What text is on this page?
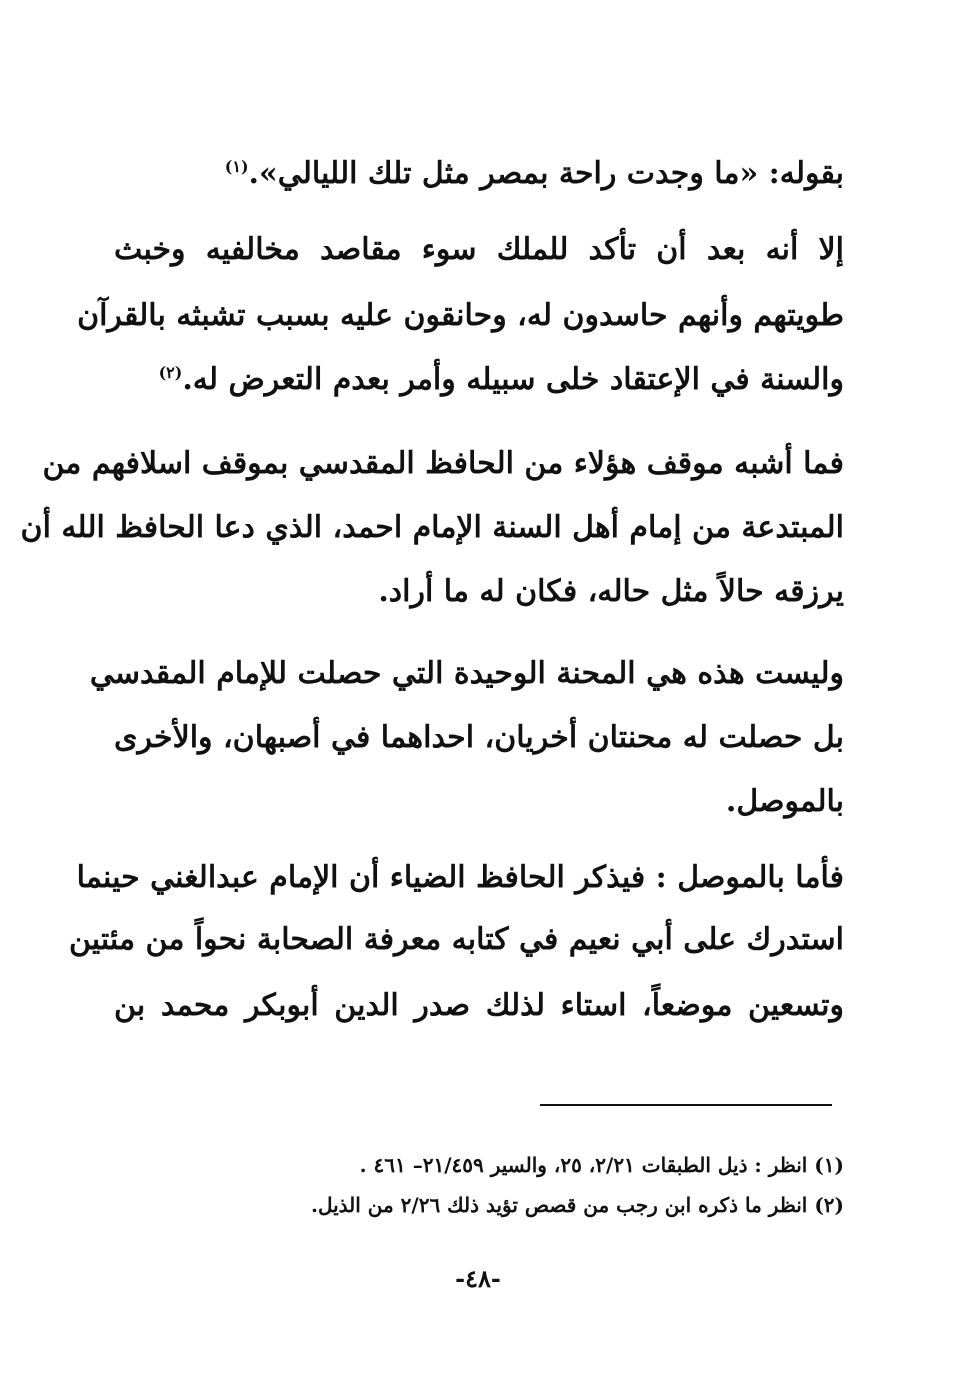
بقوله: «ما وجدت راحة بمصر مثل تلك الليالي».$^{(١)}$
إلا أنه بعد أن تأكد للملك سوء مقاصد مخالفيه وخبث
طويتهم وأنهم حاسدون له، وحانقون عليه بسبب تشبثه بالقرآن
والسنة في الإعتقاد خلى سبيله وأمر بعدم التعرض له.$^{(٢)}$
فما أشبه موقف هؤلاء من الحافظ المقدسي بموقف اسلافهم من
المبتدعة من إمام أهل السنة الإمام احمد، الذي دعا الحافظ الله أن
يرزقه حالاً مثل حاله، فكان له ما أراد.
وليست هذه هي المحنة الوحيدة التي حصلت للإمام المقدسي
بل حصلت له محنتان أخريان، احداهما في أصبهان، والأخرى
بالموصل.
فأما بالموصل : فيذكر الحافظ الضياء أن الإمام عبدالغني حينما
استدرك على أبي نعيم في كتابه معرفة الصحابة نحواً من مئتين
وتسعين موضعاً، استاء لذلك صدر الدين أبوبكر محمد بن
(١) انظر : ذيل الطبقات ٢/٢١، ٢٥، والسير ٢١/٤٥٩– ٤٦١ .
(٢) انظر ما ذكره ابن رجب من قصص تؤيد ذلك ٢/٢٦ من الذيل.
-٤٨-
